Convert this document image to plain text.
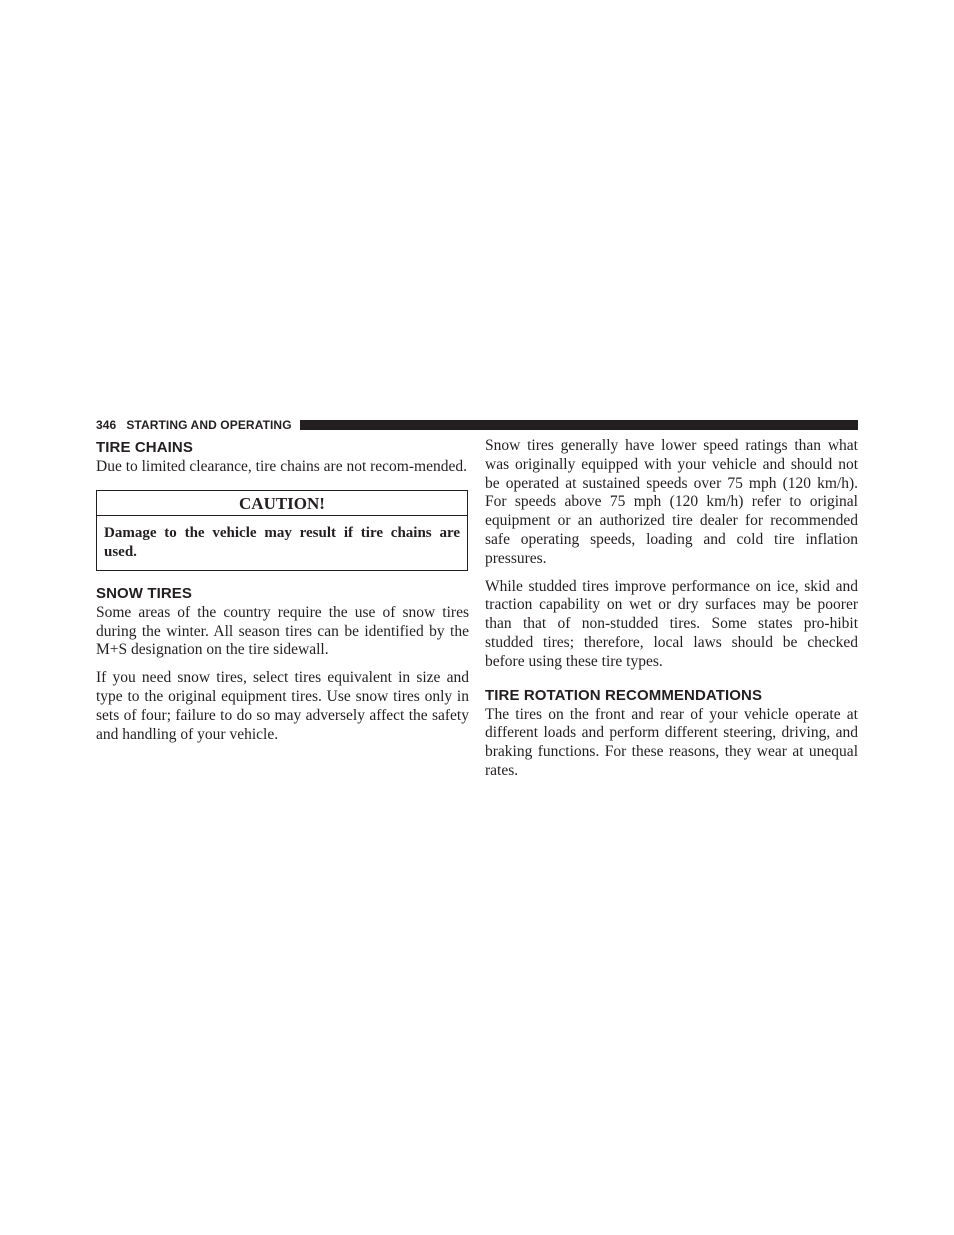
346 STARTING AND OPERATING
TIRE CHAINS

Due to limited clearance, tire chains are not recom-mended.

CAUTION!
Damage to the vehicle may result if tire chains are used.
SNOW TIRES

Some areas of the country require the use of snow tires during the winter. All season tires can be identified by the M+S designation on the tire sidewall.

If you need snow tires, select tires equivalent in size and type to the original equipment tires. Use snow tires only in sets of four; failure to do so may adversely affect the safety and handling of your vehicle.

Snow tires generally have lower speed ratings than what was originally equipped with your vehicle and should not be operated at sustained speeds over 75 mph (120 km/h). For speeds above 75 mph (120 km/h) refer to original equipment or an authorized tire dealer for recommended safe operating speeds, loading and cold tire inflation pressures.

While studded tires improve performance on ice, skid and traction capability on wet or dry surfaces may be poorer than that of non-studded tires. Some states pro-hibit studded tires; therefore, local laws should be checked before using these tire types.

TIRE ROTATION RECOMMENDATIONS

The tires on the front and rear of your vehicle operate at different loads and perform different steering, driving, and braking functions. For these reasons, they wear at unequal rates.
